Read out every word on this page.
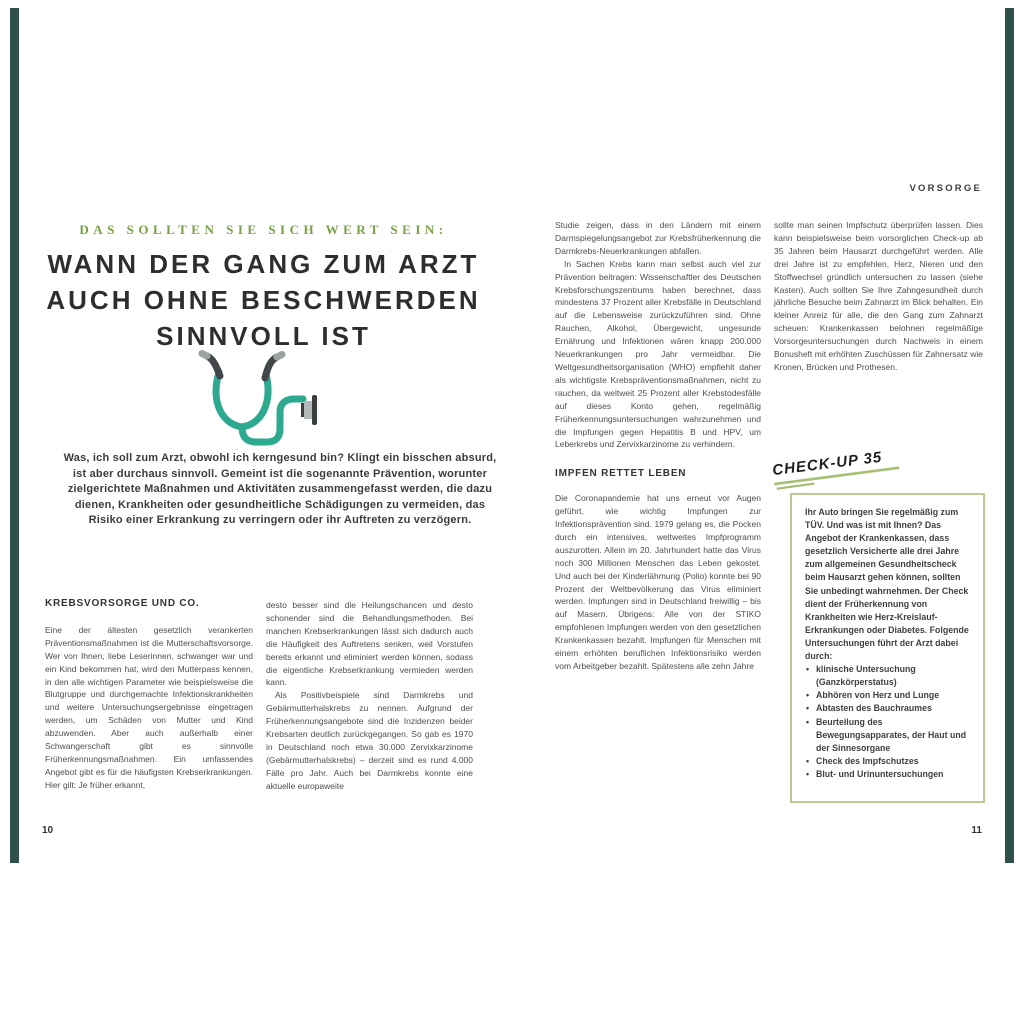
DAS SOLLTEN SIE SICH WERT SEIN:
WANN DER GANG ZUM ARZT
AUCH OHNE BESCHWERDEN
SINNVOLL IST
Was, ich soll zum Arzt, obwohl ich kerngesund bin? Klingt ein bisschen absurd, ist aber durchaus sinnvoll. Gemeint ist die sogenannte Prävention, worunter zielgerichtete Maßnahmen und Aktivitäten zusammengefasst werden, die dazu dienen, Krankheiten oder gesundheitliche Schädigungen zu vermeiden, das Risiko einer Erkrankung zu verringern oder ihr Auftreten zu verzögern.
KREBSVORSORGE UND CO.

Eine der ältesten gesetzlich verankerten Präventionsmaßnahmen ist die Mutterschaftsvorsorge. Wer von Ihnen, liebe Leserinnen, schwanger war und ein Kind bekommen hat, wird den Mutterpass kennen, in den alle wichtigen Parameter wie beispielsweise die Blutgruppe und durchgemachte Infektionskrankheiten und weitere Untersuchungsergebnisse eingetragen werden, um Schäden von Mutter und Kind abzuwenden. Aber auch außerhalb einer Schwangerschaft gibt es sinnvolle Früherkennungsmaßnahmen. Ein umfassendes Angebot gibt es für die häufigsten Krebserkrankungen. Hier gilt: Je früher erkannt,

desto besser sind die Heilungschancen und desto schonender sind die Behandlungsmethoden. Bei manchen Krebserkrankungen lässt sich dadurch auch die Häufigkeit des Auftretens senken, weil Vorstufen bereits erkannt und eliminiert werden können, sodass die eigentliche Krebserkrankung vermieden werden kann.

Als Positivbeispiele sind Darmkrebs und Gebärmutterhalskrebs zu nennen. Aufgrund der Früherkennungsangebote sind die Inzidenzen beider Krebsarten deutlich zurückgegangen. So gab es 1970 in Deutschland noch etwa 30.000 Zervixkarzinome (Gebärmutterhalskrebs) – derzeit sind es rund 4.000 Fälle pro Jahr. Auch bei Darmkrebs konnte eine aktuelle europaweite

10
VORSORGE

Studie zeigen, dass in den Ländern mit einem Darmspiegelungsangebot zur Krebsfrüherkennung die Darmkrebs-Neuerkrankungen abfallen.

In Sachen Krebs kann man selbst auch viel zur Prävention beitragen: Wissenschaftler des Deutschen Krebsforschungszentrums haben berechnet, dass mindestens 37 Prozent aller Krebsfälle in Deutschland auf die Lebensweise zurückzuführen sind. Ohne Rauchen, Alkohol, Übergewicht, ungesunde Ernährung und Infektionen wären knapp 200.000 Neuerkrankungen pro Jahr vermeidbar. Die Weltgesundheitsorganisation (WHO) empfiehlt daher als wichtigste Krebspräventionsmaßnahmen, nicht zu rauchen, da weltweit 25 Prozent aller Krebstodesfälle auf dieses Konto gehen, regelmäßig Früherkennungsuntersuchungen wahrzunehmen und die Impfungen gegen Hepatitis B und HPV, um Leberkrebs und Zervixkarzinome zu verhindern.

IMPFEN RETTET LEBEN

Die Coronapandemie hat uns erneut vor Augen geführt, wie wichtig Impfungen zur Infektionsprävention sind. 1979 gelang es, die Pocken durch ein intensives, weltweites Impfprogramm auszurotten. Allein im 20. Jahrhundert hatte das Virus noch 300 Millionen Menschen das Leben gekostet. Und auch bei der Kinderlähmung (Polio) konnte bei 90 Prozent der Weltbevölkerung das Virus eliminiert werden. Impfungen sind in Deutschland freiwillig – bis auf Masern. Übrigens: Alle von der STIKO empfohlenen Impfungen werden von den gesetzlichen Krankenkassen bezahlt. Impfungen für Menschen mit einem erhöhten beruflichen Infektionsrisiko werden vom Arbeitgeber bezahlt. Spätestens alle zehn Jahre

sollte man seinen Impfschutz überprüfen lassen. Dies kann beispielsweise beim vorsorglichen Check-up ab 35 Jahren beim Hausarzt durchgeführt werden. Alle drei Jahre ist zu empfehlen, Herz, Nieren und den Stoffwechsel gründlich untersuchen zu lassen (siehe Kasten). Auch sollten Sie Ihre Zahngesundheit durch jährliche Besuche beim Zahnarzt im Blick behalten. Ein kleiner Anreiz für alle, die den Gang zum Zahnarzt scheuen: Krankenkassen belohnen regelmäßige Vorsorgeuntersuchungen durch Nachweis in einem Bonusheft mit erhöhten Zuschüssen für Zahnersatz wie Kronen, Brücken und Prothesen.

CHECK-UP 35

Ihr Auto bringen Sie regelmäßig zum TÜV. Und was ist mit Ihnen? Das Angebot der Krankenkassen, dass gesetzlich Versicherte alle drei Jahre zum allgemeinen Gesundheitscheck beim Hausarzt gehen können, sollten Sie unbedingt wahrnehmen. Der Check dient der Früherkennung von Krankheiten wie Herz-Kreislauf-Erkrankungen oder Diabetes. Folgende Untersuchungen führt der Arzt dabei durch:

• klinische Untersuchung (Ganzkörperstatus)
• Abhören von Herz und Lunge
• Abtasten des Bauchraumes
• Beurteilung des Bewegungsapparates, der Haut und der Sinnesorgane
• Check des Impfschutzes
• Blut- und Urinuntersuchungen
11
